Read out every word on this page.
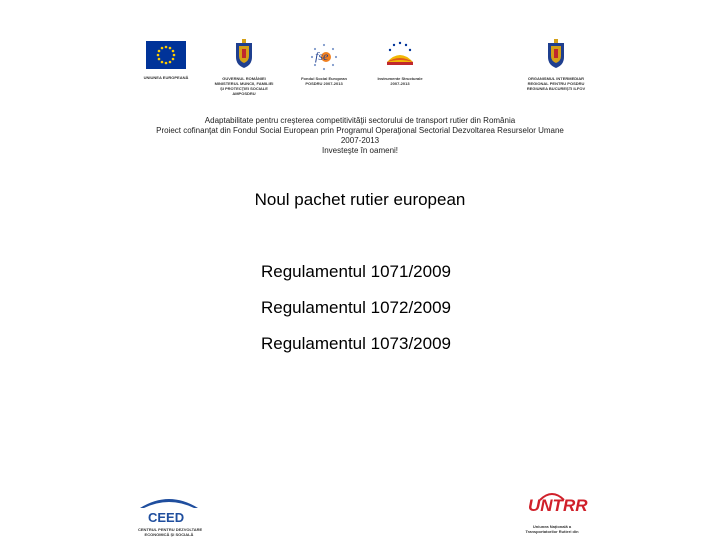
UNIUNEA EUROPEANĂ	GUVERNUL ROMÂNIEI
MINISTERUL MUNCII, FAMILIEI
ŞI PROTECŢIEI SOCIALE
AMPOSDRU
fse
Fondul Social European
POSDRU 2007-2013
Instrumente Structurale
2007-2013
ORGANISMUL INTERMEDIAR
REGIONAL PENTRU POSDRU
REGIUNEA BUCUREŞTI ILFOV
Adaptabilitate pentru creşterea competitivităţii sectorului de transport rutier din România
Proiect cofinanţat din Fondul Social European prin Programul Operaţional Sectorial Dezvoltarea Resurselor Umane
2007-2013
Investeşte în oameni!
Noul pachet rutier european
Regulamentul 1071/2009
Regulamentul 1072/2009
Regulamentul 1073/2009
CEED
CENTRUL PENTRU DEZVOLTARE
ECONOMICĂ ŞI SOCIALĂ
UNTRR
Uniunea Naţională a
Transportatorilor Rutieri din
